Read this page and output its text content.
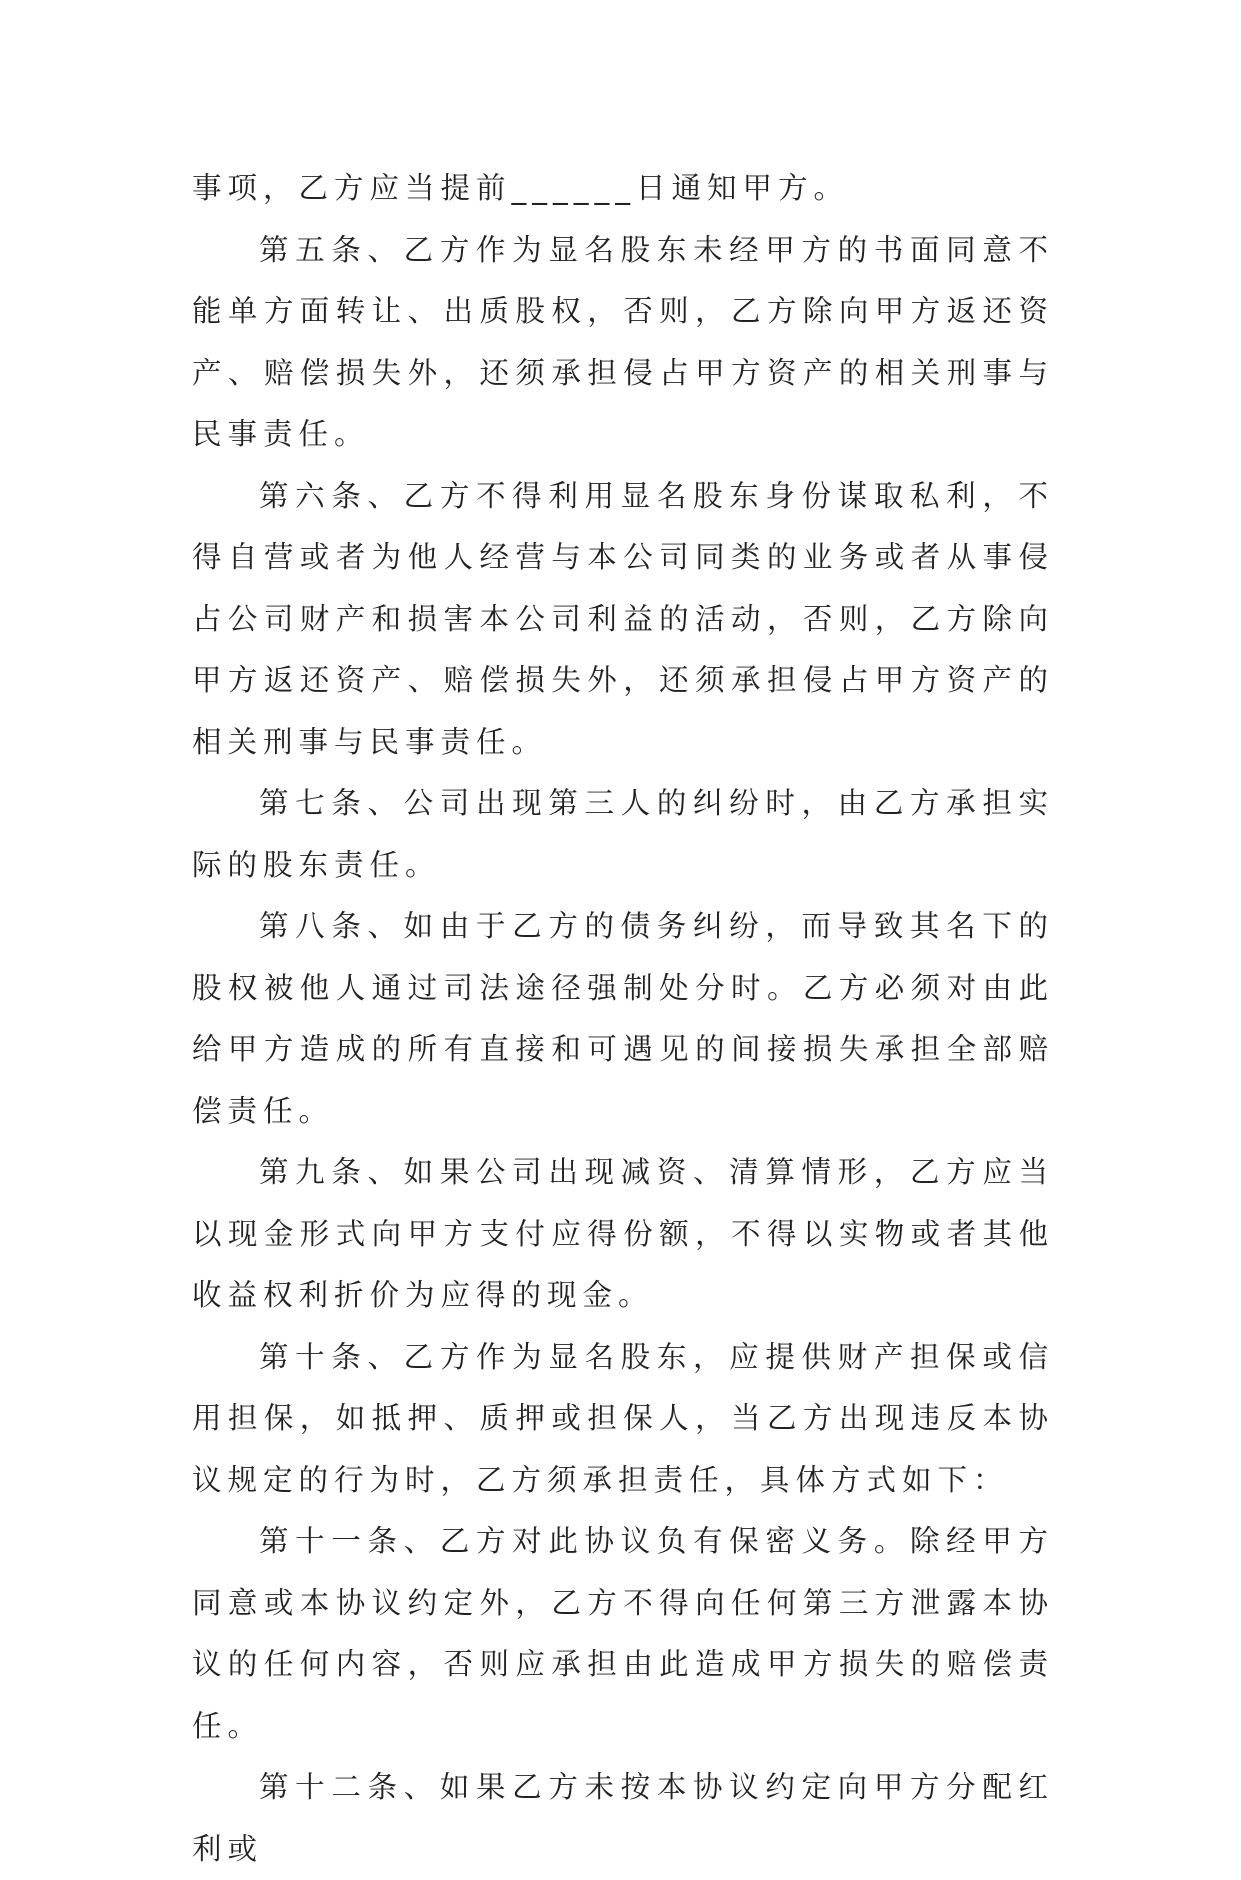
事项，乙方应当提前______日通知甲方。

第五条、乙方作为显名股东未经甲方的书面同意不能单方面转让、出质股权，否则，乙方除向甲方返还资产、赔偿损失外，还须承担侵占甲方资产的相关刑事与民事责任。

第六条、乙方不得利用显名股东身份谋取私利，不得自营或者为他人经营与本公司同类的业务或者从事侵占公司财产和损害本公司利益的活动，否则，乙方除向甲方返还资产、赔偿损失外，还须承担侵占甲方资产的相关刑事与民事责任。

第七条、公司出现第三人的纠纷时，由乙方承担实际的股东责任。

第八条、如由于乙方的债务纠纷，而导致其名下的股权被他人通过司法途径强制处分时。乙方必须对由此给甲方造成的所有直接和可遇见的间接损失承担全部赔偿责任。

第九条、如果公司出现减资、清算情形，乙方应当以现金形式向甲方支付应得份额，不得以实物或者其他收益权利折价为应得的现金。

第十条、乙方作为显名股东，应提供财产担保或信用担保，如抵押、质押或担保人，当乙方出现违反本协议规定的行为时，乙方须承担责任，具体方式如下：

第十一条、乙方对此协议负有保密义务。除经甲方同意或本协议约定外，乙方不得向任何第三方泄露本协议的任何内容，否则应承担由此造成甲方损失的赔偿责任。

第十二条、如果乙方未按本协议约定向甲方分配红利或
